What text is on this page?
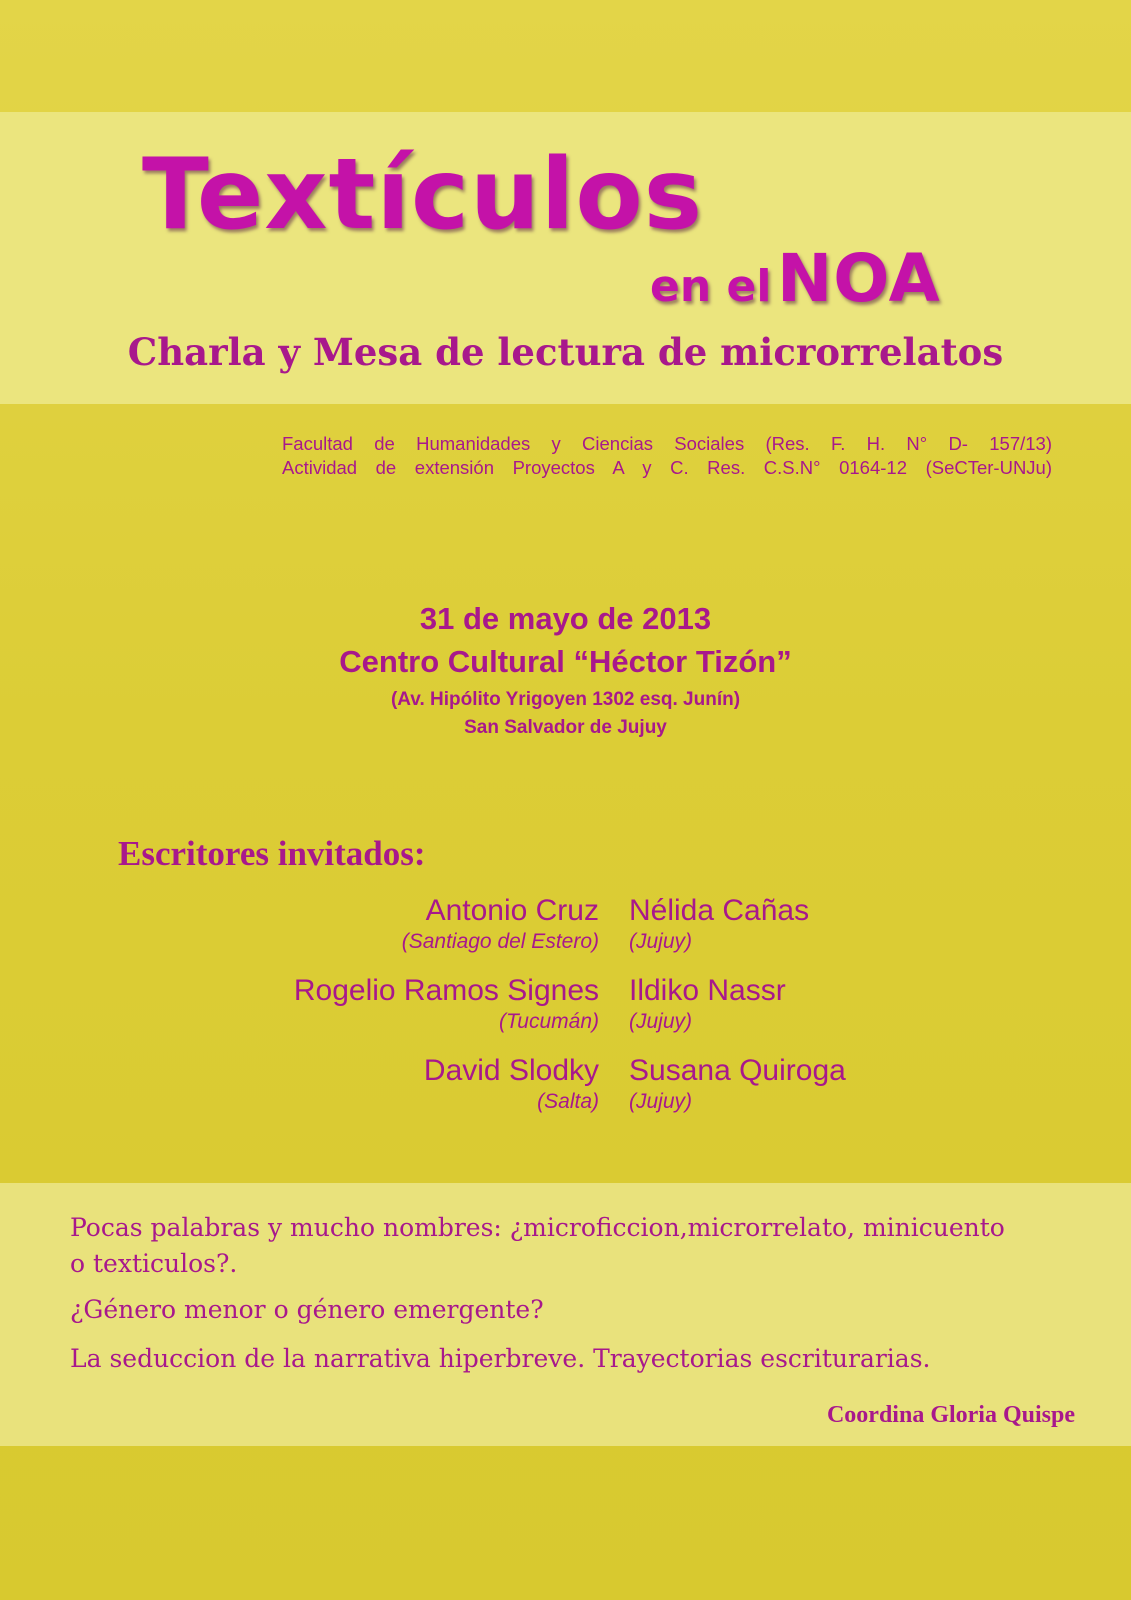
Textículos
en el NOA
Charla y Mesa de lectura de microrrelatos
Facultad de Humanidades y Ciencias Sociales (Res. F. H. N° D- 157/13)
Actividad de extensión Proyectos A y C. Res. C.S.N° 0164-12 (SeCTer-UNJu)
31 de mayo de 2013
Centro Cultural “Héctor Tizón”
(Av. Hipólito Yrigoyen 1302 esq. Junín)
San Salvador de Jujuy
Escritores invitados:
Antonio Cruz
(Santiago del Estero)
Nélida Cañas
(Jujuy)
Rogelio Ramos Signes
(Tucumán)
Ildiko Nassr
(Jujuy)
David Slodky
(Salta)
Susana Quiroga
(Jujuy)

Pocas palabras y mucho nombres: ¿microficcion,microrrelato, minicuento

o texticulos?.

¿Género menor o género emergente?

La seduccion de la narrativa hiperbreve. Trayectorias escriturarias.

Coordina Gloria Quispe
